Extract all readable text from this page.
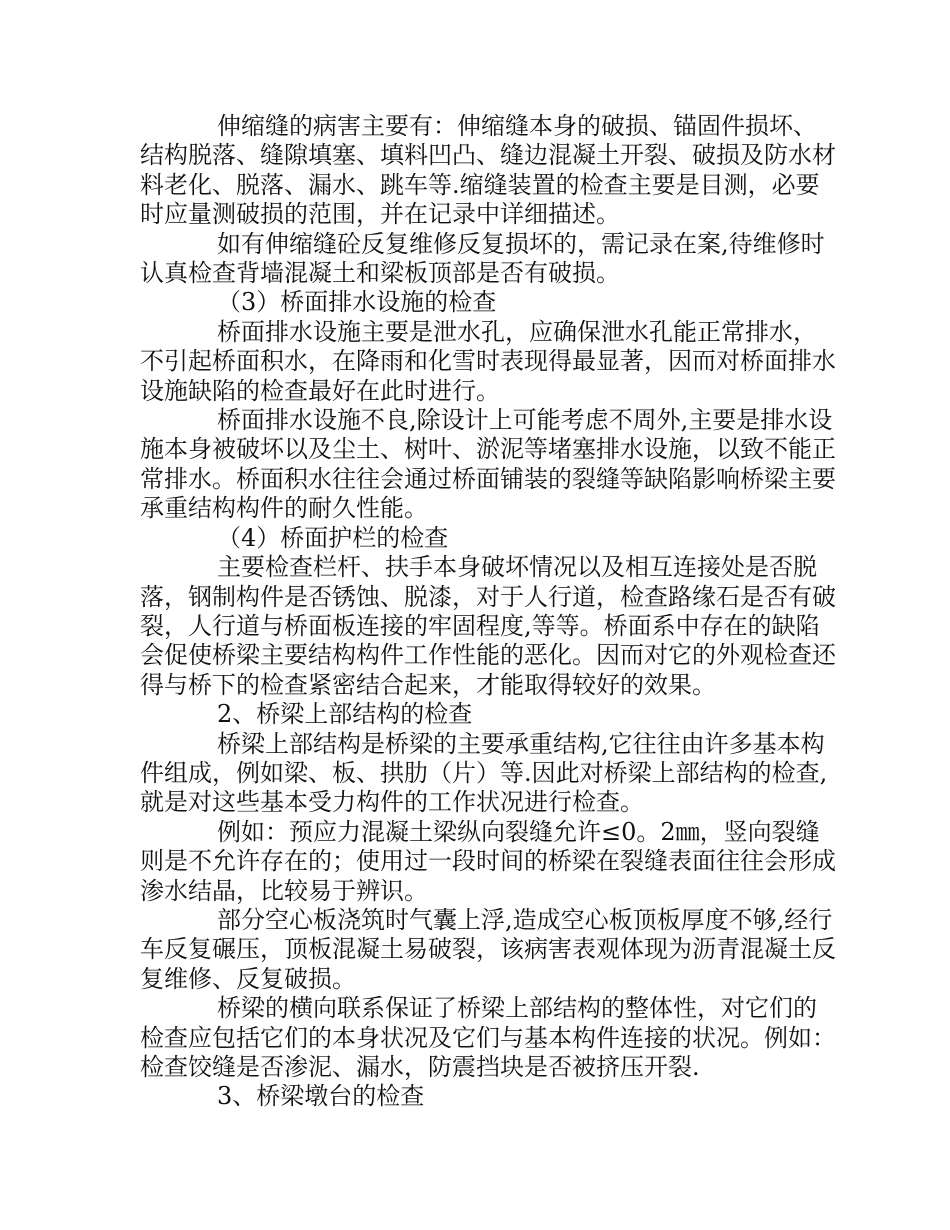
伸缩缝的病害主要有：伸缩缝本身的破损、锚固件损坏、结构脱落、缝隙填塞、填料凹凸、缝边混凝土开裂、破损及防水材料老化、脱落、漏水、跳车等.缩缝装置的检查主要是目测，必要时应量测破损的范围，并在记录中详细描述。

如有伸缩缝砼反复维修反复损坏的，需记录在案,待维修时认真检查背墙混凝土和梁板顶部是否有破损。

（3）桥面排水设施的检查

桥面排水设施主要是泄水孔，应确保泄水孔能正常排水，不引起桥面积水，在降雨和化雪时表现得最显著，因而对桥面排水设施缺陷的检查最好在此时进行。

桥面排水设施不良,除设计上可能考虑不周外,主要是排水设施本身被破坏以及尘土、树叶、淤泥等堵塞排水设施，以致不能正常排水。桥面积水往往会通过桥面铺装的裂缝等缺陷影响桥梁主要承重结构构件的耐久性能。

（4）桥面护栏的检查

主要检查栏杆、扶手本身破坏情况以及相互连接处是否脱落，钢制构件是否锈蚀、脱漆，对于人行道，检查路缘石是否有破裂，人行道与桥面板连接的牢固程度,等等。桥面系中存在的缺陷会促使桥梁主要结构构件工作性能的恶化。因而对它的外观检查还得与桥下的检查紧密结合起来，才能取得较好的效果。

2、桥梁上部结构的检查

桥梁上部结构是桥梁的主要承重结构,它往往由许多基本构件组成，例如梁、板、拱肋（片）等.因此对桥梁上部结构的检查,就是对这些基本受力构件的工作状况进行检查。

例如：预应力混凝土梁纵向裂缝允许≤0。2㎜，竖向裂缝则是不允许存在的；使用过一段时间的桥梁在裂缝表面往往会形成渗水结晶，比较易于辨识。

部分空心板浇筑时气囊上浮,造成空心板顶板厚度不够,经行车反复碾压，顶板混凝土易破裂，该病害表观体现为沥青混凝土反复维修、反复破损。

桥梁的横向联系保证了桥梁上部结构的整体性，对它们的检查应包括它们的本身状况及它们与基本构件连接的状况。例如：检查饺缝是否渗泥、漏水，防震挡块是否被挤压开裂.

3、桥梁墩台的检查
